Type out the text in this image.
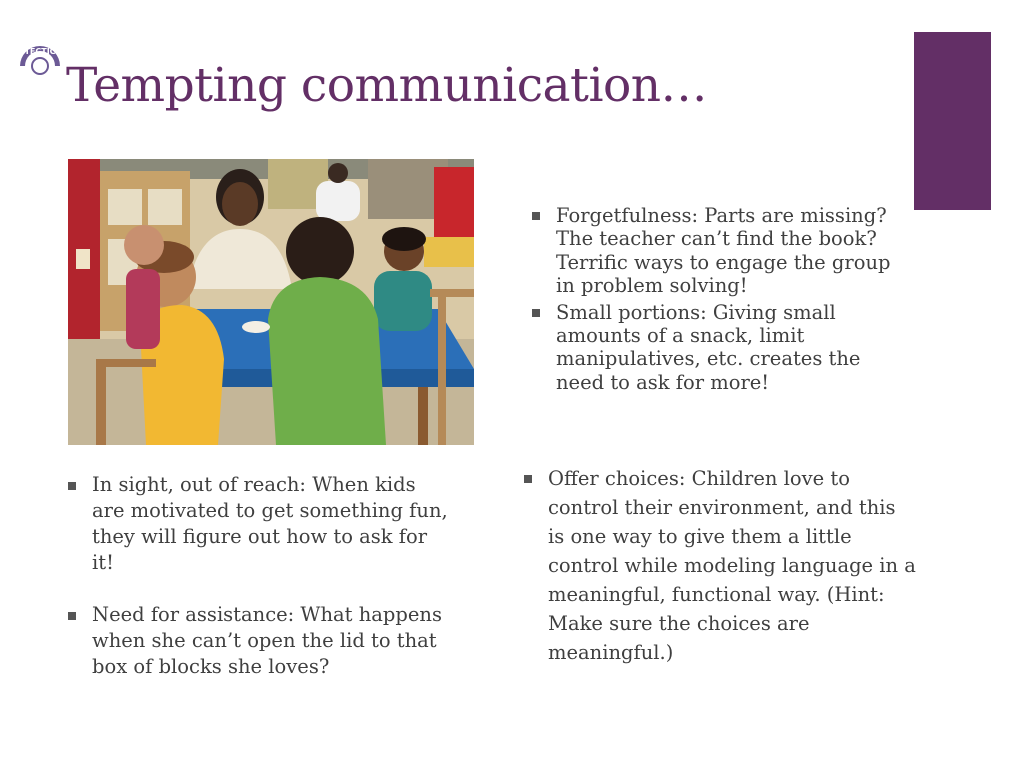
TECTIC
Tempting communication…
Forgetfulness: Parts are missing? The teacher can’t find the book? Terrific ways to engage the group in problem solving!
Small portions: Giving small amounts of a snack, limit manipulatives, etc. creates the need to ask for more!
In sight, out of reach: When kids are motivated to get something fun, they will figure out how to ask for it!
Need for assistance: What happens when she can’t open the lid to that box of blocks she loves?
Offer choices: Children love to control their environment, and this is one way to give them a little control while modeling language in a meaningful, functional way. (Hint: Make sure the choices are meaningful.)
